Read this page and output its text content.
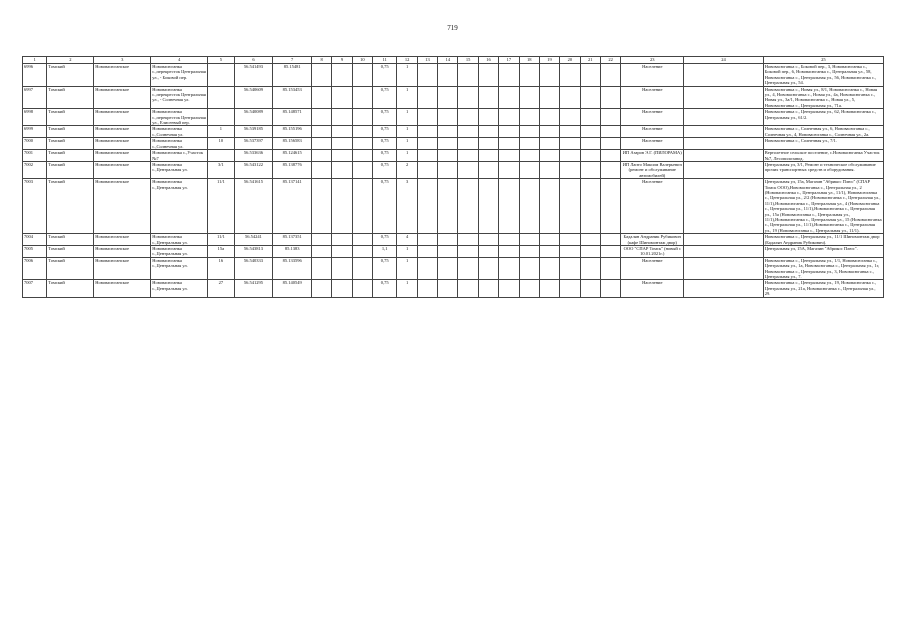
719
1	2	3	4	5	6	7	8	9	10	11	12	13	14	15	16	17	18	19	20	21	22	23	24	25
6996	Томский	Нововасюганское	Нововасюганка с.,перекресток Центральная ул., - Боковой пер.		56.541493	85.15481				0,75	1											Население		Нововасюганка с., Боковой пер., 3, Нововасюганка с., Боковой пер., 6, Нововасюганка с., Центральная ул., 58, Нововасюганка с., Центральная ул., 56, Нововасюганка с., Центральная ул., 54.
6997	Томский	Нововасюганское	Нововасюганка с.,перекресток Центральная ул., - Солнечная ул.		56.540609	85.153453				0,75	1											Население		Нововасюганка с., Новая ул., 8/1, Нововасюганка с., Новая ул., 4, Нововасюганка с., Новая ул., 4а, Нововасюганка с., Новая ул., 3а/1, Нововасюганка с., Новая ул., 5, Нововасюганка с., Центральная ул., 71а.
6998	Томский	Нововасюганское	Нововасюганка с.,перекресток Центральная ул., Елисеевый пер.		56.540089	85.148571				0,75	1											Население		Нововасюганка с., Центральная ул., 62, Нововасюганка с., Центральная ул., 61/2.
6999	Томский	Нововасюганское	Нововасюганка с.,Солнечная ул.	1	56.539185	85.155196				0,75	1											Население		Нововасюганка с., Солнечная ул., 6, Нововасюганка с., Солнечная ул., 4, Нововасюганка с., Солнечная ул., 2а.
7000	Томский	Нововасюганское	Нововасюганка с.,Солнечная ул.	10	56.537397	85.156583				0,75	1											Население		Нововасюганка с., Солнечная ул., 7/1.
7001	Томский	Нововасюганское	Нововасюганка с.,Участок №7		56.533636	85.124615				0,75	1											ИП Азаров Э.Г. (ПИЛОРАМА)		Вертолетное сельское поселение, с.Нововасюганка Участок №7, Лесопилозавод.
7002	Томский	Нововасюганское	Нововасюганка с.,Центральная ул.	3/1	56.543122	85.138776				0,75	2											ИП Лапто Максим Валерьевич (ремонт и обслуживание автомобилей)		Центральная ул, 3/1, Ремонт и техническое обслуживание прочих транспортных средств и оборудования.
7003	Томский	Нововасюганское	Нововасюганка с.,Центральная ул.	11/1	56.541615	85.137141				0,75	3											Население		Центральная ул, 15а, Магазин "Абрикос Плюс" (СПАР Томск ООО),Нововасюганка с., Центральная ул., 2 (Нововасюганка с., Центральная ул., 11/1), Нововасюганка с., Центральная ул., 2/2 (Нововасюганка с., Центральная ул., 11/1),Нововасюганка с., Центральная ул., 4 (Нововасюганка с., Центральная ул., 11/1),Нововасюганка с., Центральная ул., 15а (Нововасюганка с., Центральная ул., 11/1),Нововасюганка с., Центральная ул., 15 (Нововасюганка с., Центральная ул., 11/1),Нововасюганка с., Центральная ул., 19 (Нововасюганка с., Центральная ул., 11/1).
7004	Томский	Нововасюганское	Нововасюганка с.,Центральная ул.	11/1	56.54241	85.137351				0,75	4											Бадалян Андраник Рубикович (кафе Шиномонтаж двор)		Нововасюганка с., Центральная ул., 11/1 Шиномонтаж двор (Бадалян Андраник Рубикович).
7005	Томский	Нововасюганское	Нововасюганка с.,Центральная ул.	15а	56.543813	85.1383				1,1	1											ООО "СПАР Томск" (новый с 10.01.2021г.)		Центральная ул, 15А, Магазин "Абрикос Плюс".
7006	Томский	Нововасюганское	Нововасюганка с.,Центральная ул.	16	56.540333	85.133596				0,75	1											Население		Нововасюганка с., Центральная ул., 1/1, Нововасюганка с., Центральная ул., 1а, Нововасюганка с., Центральная ул., 1г, Нововасюганка с., Центральная ул., 3, Нововасюганка с., Центральная ул., 7.
7007	Томский	Нововасюганское	Нововасюганка с.,Центральная ул.	27	56.541295	85.140549				0,75	1											Население		Нововасюганка с., Центральная ул., 19, Нововасюганка с., Центральная ул., 21а, Нововасюганка с., Центральная ул., 29.
